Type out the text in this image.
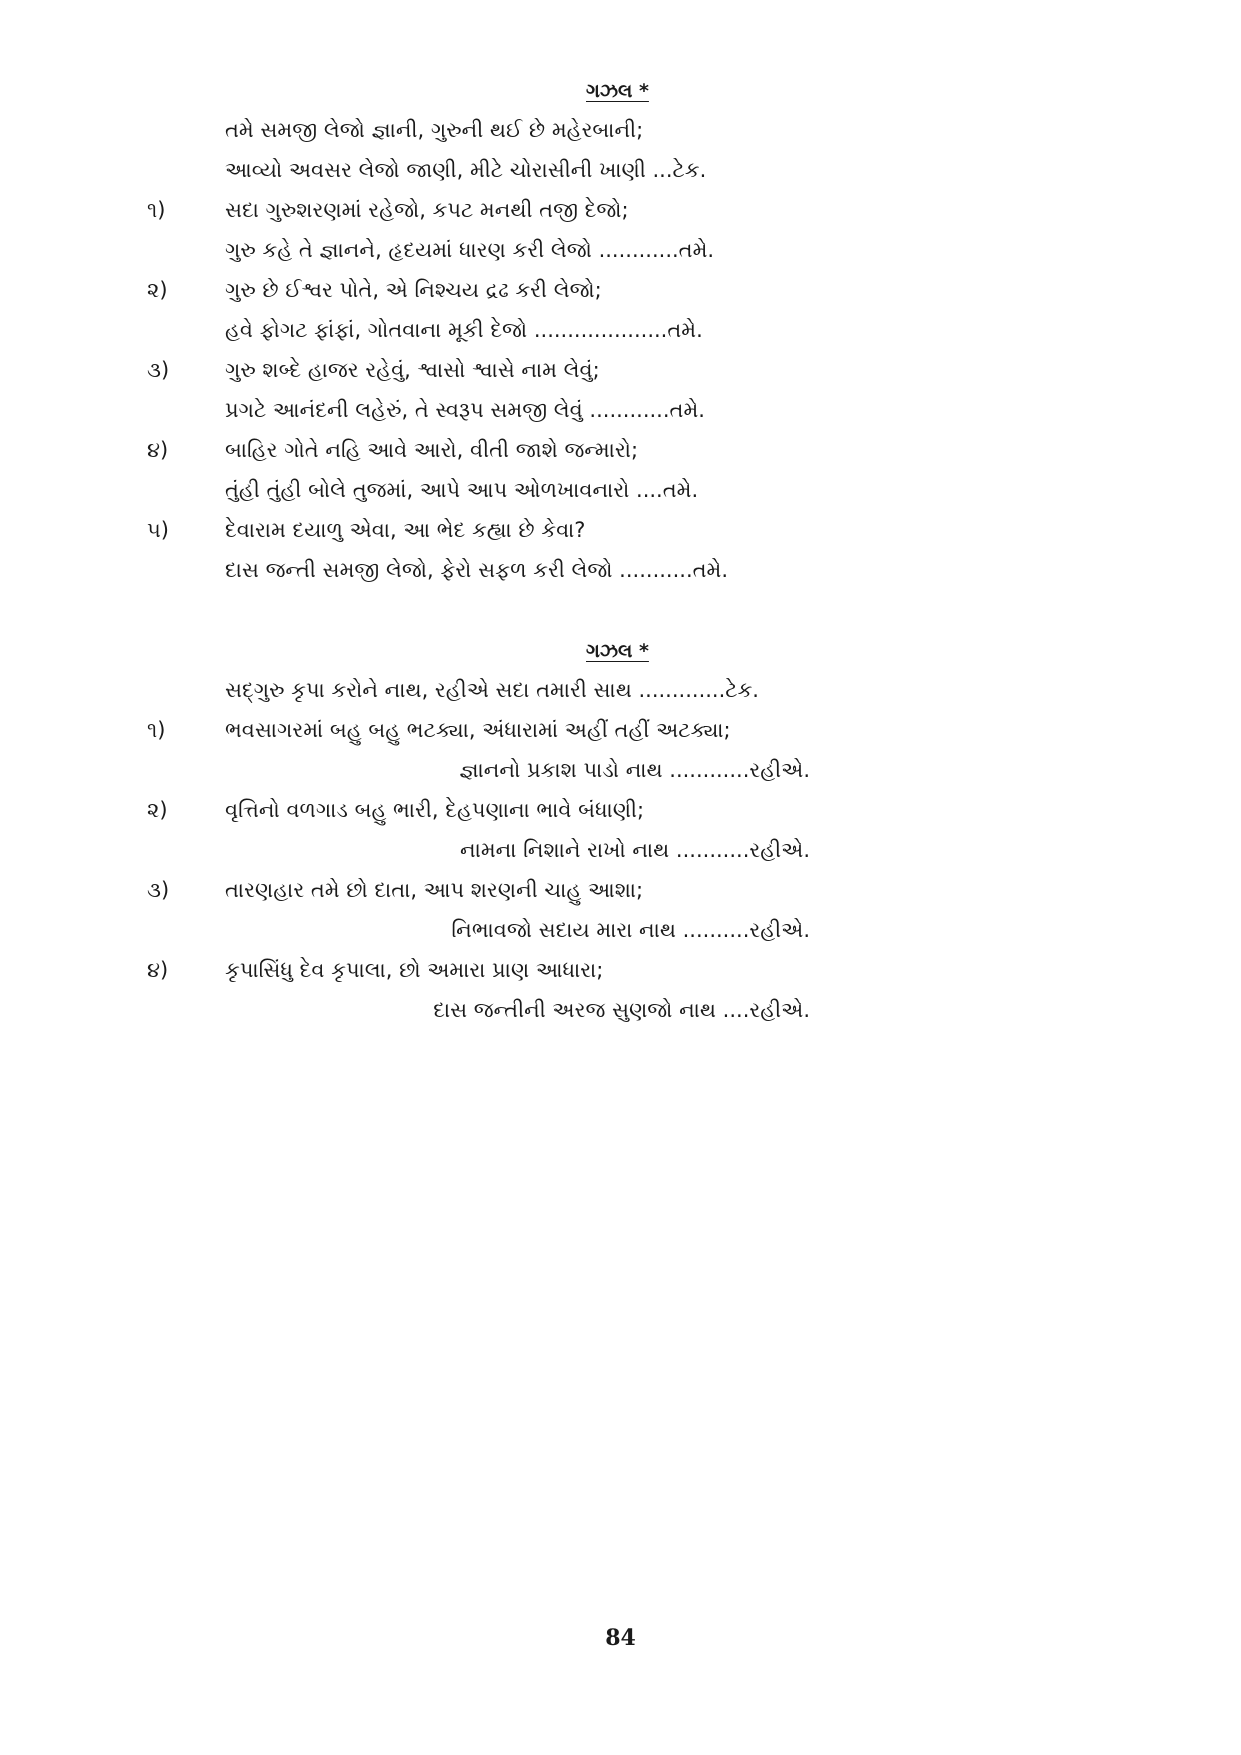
ગઝલ *
તમે સમજી લેજો જ્ઞાની, ગુરુની થઈ છે મહેરબાની;
આવ્યો અવસર લેજો જાણી, મીટે ચોરાસીની ખાણી ...ટેક.
૧)	સદા ગુરુશરણમાં રહેજો, કપટ મનથી તજી દેજો;
ગુરુ કહે તે જ્ઞાનને, હૃદયમાં ધારણ કરી લેજો ............તમે.
૨)	ગુરુ છે ઈશ્વર પોતે, એ નિશ્ચય દ્રઢ કરી લેજો;
હવે ફોગટ ફાંફાં, ગોતવાના મૂકી દેજો ....................તમે.
૩)	ગુરુ શબ્દે હાજર રહેવું, શ્વાસો શ્વાસે નામ લેવું;
પ્રગટે આનંદની લહેરું, તે સ્વરૂપ સમજી લેવું ............તમે.
૪)	બાહિર ગોતે નહિ આવે આરો, વીતી જાશે જન્મારો;
તુંહી તુંહી બોલે તુજમાં, આપે આપ ઓળખાવનારો ....તમે.
૫)	દેવારામ દયાળુ એવા, આ ભેદ કહ્યા છે કેવા?
દાસ જન્તી સમજી લેજો, ફેરો સફળ કરી લેજો ...........તમે.
ગઝલ *
સદ્‌ગુરુ કૃપા કરોને નાથ, રહીએ સદા તમારી સાથ .............ટેક.
૧)	ભવસાગરમાં બહુ બહુ ભટક્યા, અંધારામાં અહીં તહીં અટક્યા;
જ્ઞાનનો પ્રકાશ પાડો નાથ ............રહીએ.
૨)	વૃત્તિનો વળગાડ બહુ ભારી, દેહપણાના ભાવે બંધાણી;
નામના નિશાને રાખો નાથ ...........રહીએ.
૩)	તારણહાર તમે છો દાતા, આપ શરણની ચાહુ આશા;
નિભાવજો સદાય મારા નાથ ..........રહીએ.
૪)	કૃપાસિંધુ દેવ કૃપાલા, છો અમારા પ્રાણ આધારા;
દાસ જન્તીની અરજ સુણજો નાથ ....રહીએ.
84
